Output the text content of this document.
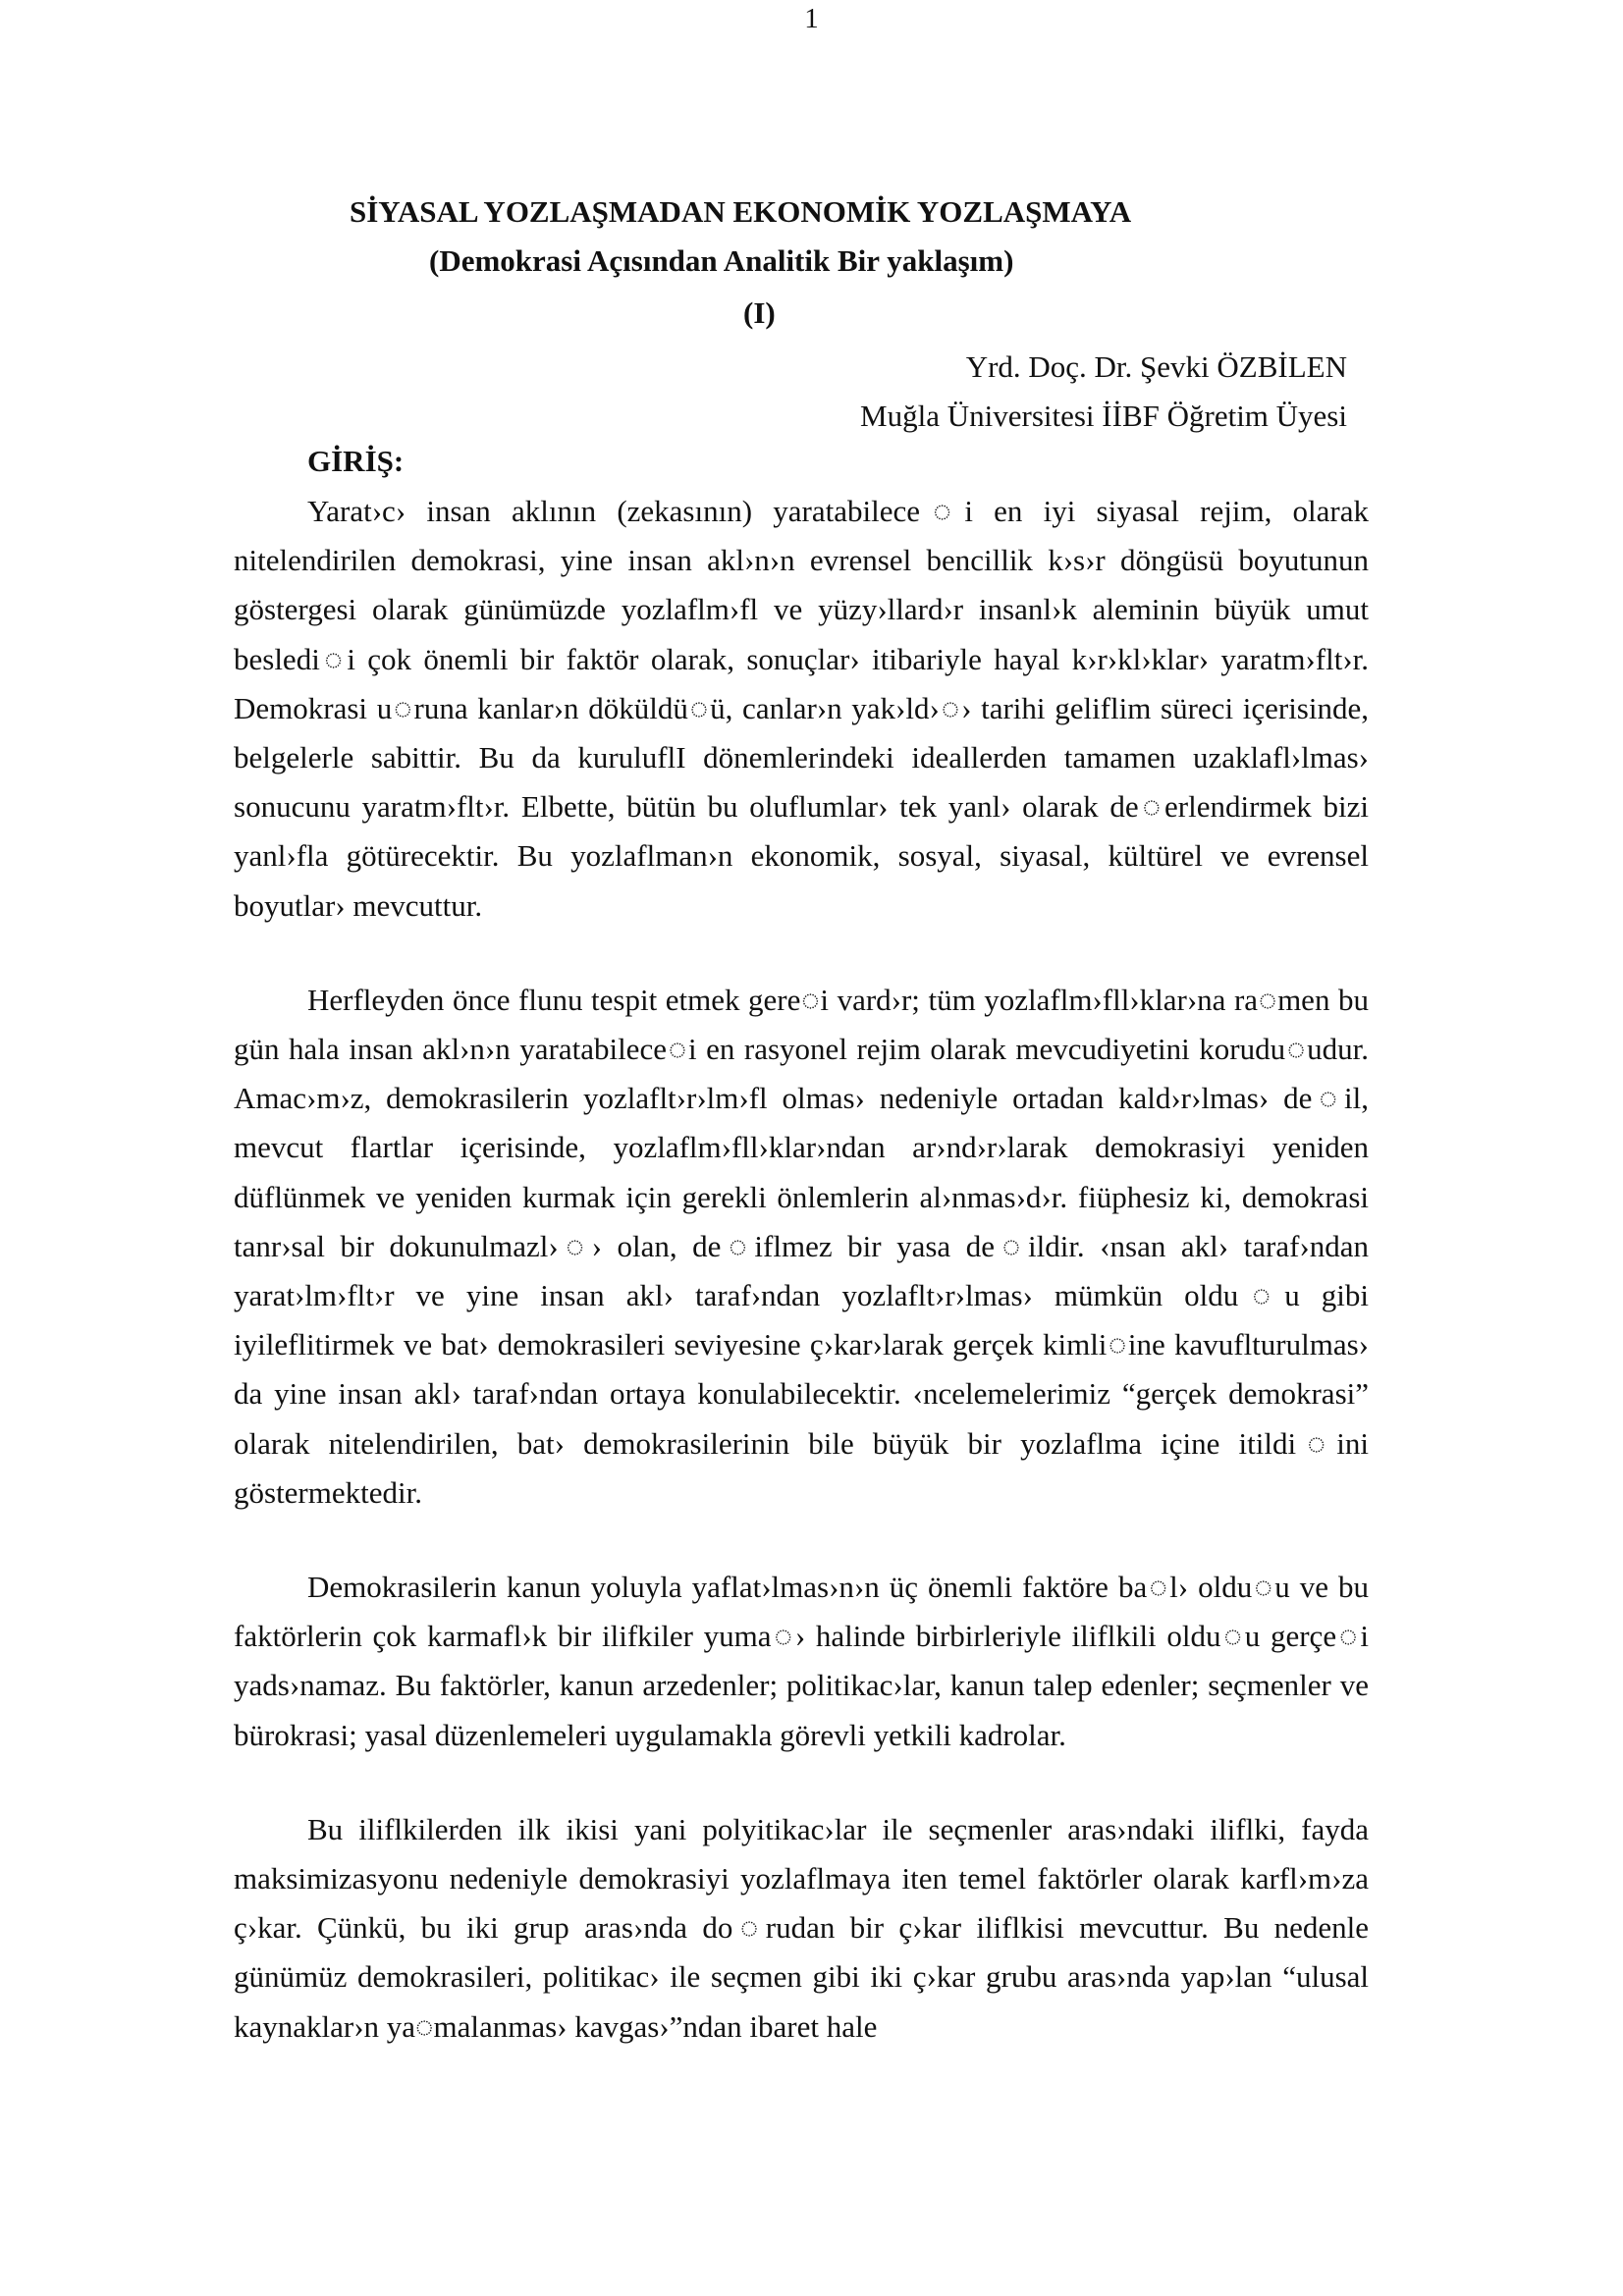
1
SİYASAL YOZLAŞMADAN EKONOMİK YOZLAŞMAYA
(Demokrasi Açısından Analitik Bir yaklaşım)
(I)
Yrd. Doç. Dr. Şevki ÖZBİLEN
Muğla Üniversitesi İİBF Öğretim Üyesi
GİRİŞ:

Yarat›c› insan aklının (zekasının) yaratabilece◌i en iyi siyasal rejim, olarak nitelendirilen demokrasi, yine insan akl›n›n evrensel bencillik k›s›r döngüsü boyutunun göstergesi olarak günümüzde yozlaflm›fl ve yüzy›llard›r insanl›k aleminin büyük umut besledi◌i çok önemli bir faktör olarak, sonuçlar› itibariyle hayal k›r›kl›klar› yaratm›flt›r. Demokrasi u◌runa kanlar›n döküldü◌ü, canlar›n yak›ld›◌› tarihi geliflim süreci içerisinde, belgelerle sabittir. Bu da kuruluflI dönemlerindeki ideallerden tamamen uzaklafl›lmas› sonucunu yaratm›flt›r. Elbette, bütün bu oluflumlar› tek yanl› olarak de◌erlendirmek bizi yanl›fla götürecektir. Bu yozlaflman›n ekonomik, sosyal, siyasal, kültürel ve evrensel boyutlar› mevcuttur.

Herfleyden önce flunu tespit etmek gere◌i vard›r; tüm yozlaflm›fll›klar›na ra◌men bu gün hala insan akl›n›n yaratabilece◌i en rasyonel rejim olarak mevcudiyetini korudu◌udur. Amac›m›z, demokrasilerin yozlaflt›r›lm›fl olmas› nedeniyle ortadan kald›r›lmas› de◌il, mevcut flartlar içerisinde, yozlaflm›fll›klar›ndan ar›nd›r›larak demokrasiyi yeniden düflünmek ve yeniden kurmak için gerekli önlemlerin al›nmas›d›r. fiüphesiz ki, demokrasi tanr›sal bir dokunulmazl›◌› olan, de◌iflmez bir yasa de◌ildir. ‹nsan akl› taraf›ndan yarat›lm›flt›r ve yine insan akl› taraf›ndan yozlaflt›r›lmas› mümkün oldu◌u gibi iyileflitirmek ve bat› demokrasileri seviyesine ç›kar›larak gerçek kimli◌ine kavuflturulmas› da yine insan akl› taraf›ndan ortaya konulabilecektir. ‹ncelemelerimiz “gerçek demokrasi” olarak nitelendirilen, bat› demokrasilerinin bile büyük bir yozlaflma içine itildi◌ini göstermektedir.

Demokrasilerin kanun yoluyla yaflat›lmas›n›n üç önemli faktöre ba◌l› oldu◌u ve bu faktörlerin çok karmafl›k bir ilifkiler yuma◌› halinde birbirleriyle iliflkili oldu◌u gerçe◌i yads›namaz. Bu faktörler, kanun arzedenler; politikac›lar, kanun talep edenler; seçmenler ve bürokrasi; yasal düzenlemeleri uygulamakla görevli yetkili kadrolar.

Bu iliflkilerden ilk ikisi yani polyitikac›lar ile seçmenler aras›ndaki iliflki, fayda maksimizasyonu nedeniyle demokrasiyi yozlaflmaya iten temel faktörler olarak karfl›m›za ç›kar. Çünkü, bu iki grup aras›nda do◌rudan bir ç›kar iliflkisi mevcuttur. Bu nedenle günümüz demokrasileri, politikac› ile seçmen gibi iki ç›kar grubu aras›nda yap›lan “ulusal kaynaklar›n ya◌malanmas› kavgas›”ndan ibaret hale
